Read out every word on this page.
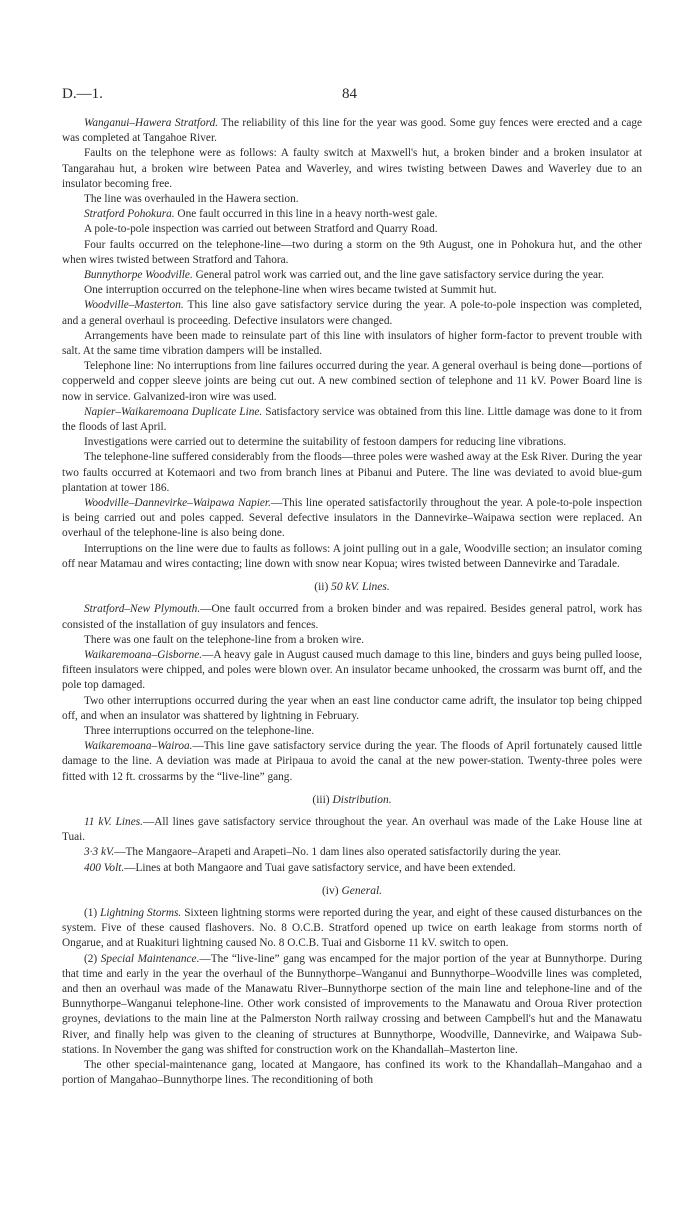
D.—1.	84

Wanganui–Hawera Stratford. The reliability of this line for the year was good. Some guy fences were erected and a cage was completed at Tangahoe River.

Faults on the telephone were as follows: A faulty switch at Maxwell's hut, a broken binder and a broken insulator at Tangarahau hut, a broken wire between Patea and Waverley, and wires twisting between Dawes and Waverley due to an insulator becoming free.

The line was overhauled in the Hawera section.

Stratford Pohokura. One fault occurred in this line in a heavy north-west gale.

A pole-to-pole inspection was carried out between Stratford and Quarry Road.

Four faults occurred on the telephone-line—two during a storm on the 9th August, one in Pohokura hut, and the other when wires twisted between Stratford and Tahora.

Bunnythorpe Woodville. General patrol work was carried out, and the line gave satisfactory service during the year.

One interruption occurred on the telephone-line when wires became twisted at Summit hut.

Woodville–Masterton. This line also gave satisfactory service during the year. A pole-to-pole inspection was completed, and a general overhaul is proceeding. Defective insulators were changed.

Arrangements have been made to reinsulate part of this line with insulators of higher form-factor to prevent trouble with salt. At the same time vibration dampers will be installed.

Telephone line: No interruptions from line failures occurred during the year. A general overhaul is being done—portions of copperweld and copper sleeve joints are being cut out. A new combined section of telephone and 11 kV. Power Board line is now in service. Galvanized-iron wire was used.

Napier–Waikaremoana Duplicate Line. Satisfactory service was obtained from this line. Little damage was done to it from the floods of last April.

Investigations were carried out to determine the suitability of festoon dampers for reducing line vibrations.

The telephone-line suffered considerably from the floods—three poles were washed away at the Esk River. During the year two faults occurred at Kotemaori and two from branch lines at Pibanui and Putere. The line was deviated to avoid blue-gum plantation at tower 186.

Woodville–Dannevirke–Waipawa Napier.—This line operated satisfactorily throughout the year. A pole-to-pole inspection is being carried out and poles capped. Several defective insulators in the Dannevirke–Waipawa section were replaced. An overhaul of the telephone-line is also being done.

Interruptions on the line were due to faults as follows: A joint pulling out in a gale, Woodville section; an insulator coming off near Matamau and wires contacting; line down with snow near Kopua; wires twisted between Dannevirke and Taradale.

(ii) 50 kV. Lines.

Stratford–New Plymouth.—One fault occurred from a broken binder and was repaired. Besides general patrol, work has consisted of the installation of guy insulators and fences.

There was one fault on the telephone-line from a broken wire.

Waikaremoana–Gisborne.—A heavy gale in August caused much damage to this line, binders and guys being pulled loose, fifteen insulators were chipped, and poles were blown over. An insulator became unhooked, the crossarm was burnt off, and the pole top damaged.

Two other interruptions occurred during the year when an east line conductor came adrift, the insulator top being chipped off, and when an insulator was shattered by lightning in February.

Three interruptions occurred on the telephone-line.

Waikaremoana–Wairoa.—This line gave satisfactory service during the year. The floods of April fortunately caused little damage to the line. A deviation was made at Piripaua to avoid the canal at the new power-station. Twenty-three poles were fitted with 12 ft. crossarms by the “live-line” gang.

(iii) Distribution.

11 kV. Lines.—All lines gave satisfactory service throughout the year. An overhaul was made of the Lake House line at Tuai.

3·3 kV.—The Mangaore–Arapeti and Arapeti–No. 1 dam lines also operated satisfactorily during the year.

400 Volt.—Lines at both Mangaore and Tuai gave satisfactory service, and have been extended.

(iv) General.

(1) Lightning Storms. Sixteen lightning storms were reported during the year, and eight of these caused disturbances on the system. Five of these caused flashovers. No. 8 O.C.B. Stratford opened up twice on earth leakage from storms north of Ongarue, and at Ruakituri lightning caused No. 8 O.C.B. Tuai and Gisborne 11 kV. switch to open.

(2) Special Maintenance.—The “live-line” gang was encamped for the major portion of the year at Bunnythorpe. During that time and early in the year the overhaul of the Bunnythorpe–Wanganui and Bunnythorpe–Woodville lines was completed, and then an overhaul was made of the Manawatu River–Bunnythorpe section of the main line and telephone-line and of the Bunnythorpe–Wanganui telephone-line. Other work consisted of improvements to the Manawatu and Oroua River protection groynes, deviations to the main line at the Palmerston North railway crossing and between Campbell's hut and the Manawatu River, and finally help was given to the cleaning of structures at Bunnythorpe, Woodville, Dannevirke, and Waipawa Sub-stations. In November the gang was shifted for construction work on the Khandallah–Masterton line.

The other special-maintenance gang, located at Mangaore, has confined its work to the Khandallah–Mangahao and a portion of Mangahao–Bunnythorpe lines. The reconditioning of both
